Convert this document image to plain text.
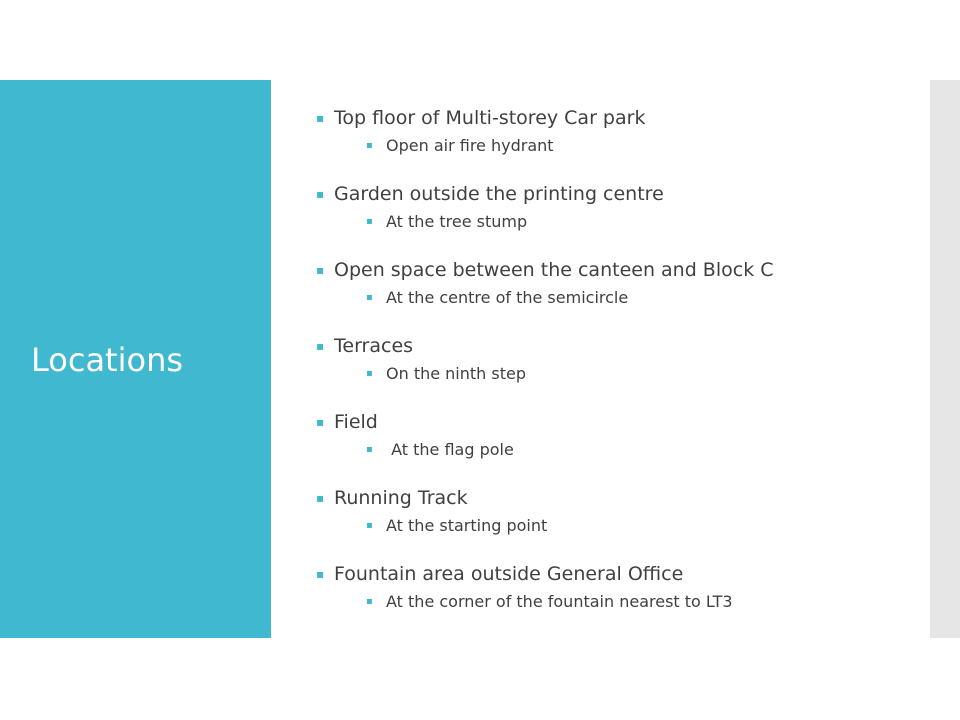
Locations
▪
Top floor of Multi-storey Car park
▪
Open air fire hydrant
▪
Garden outside the printing centre
▪
At the tree stump
▪
Open space between the canteen and Block C
▪
At the centre of the semicircle
▪
Terraces
▪
On the ninth step
▪
Field
▪
At the flag pole
▪
Running Track
▪
At the starting point
▪
Fountain area outside General Office
▪
At the corner of the fountain nearest to LT3
